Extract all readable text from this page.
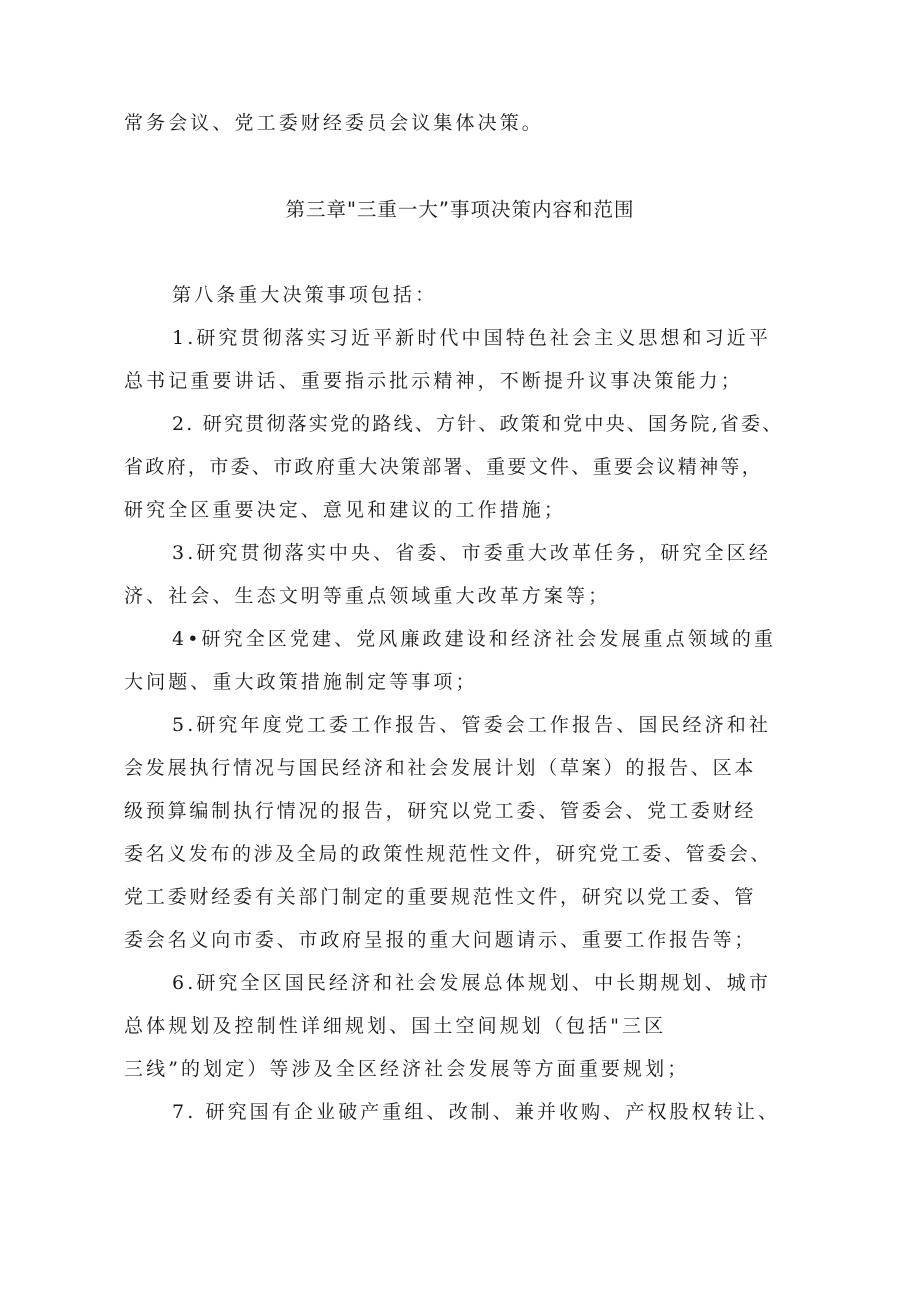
常务会议、党工委财经委员会议集体决策。
第三章"三重一大”事项决策内容和范围
第八条重大决策事项包括：
1.研究贯彻落实习近平新时代中国特色社会主义思想和习近平
总书记重要讲话、重要指示批示精神，不断提升议事决策能力；
2. 研究贯彻落实党的路线、方针、政策和党中央、国务院,省委、
省政府，市委、市政府重大决策部署、重要文件、重要会议精神等，
研究全区重要决定、意见和建议的工作措施；
3.研究贯彻落实中央、省委、市委重大改革任务，研究全区经
济、社会、生态文明等重点领域重大改革方案等；
4•研究全区党建、党风廉政建设和经济社会发展重点领域的重
大问题、重大政策措施制定等事项；
5.研究年度党工委工作报告、管委会工作报告、国民经济和社
会发展执行情况与国民经济和社会发展计划（草案）的报告、区本
级预算编制执行情况的报告，研究以党工委、管委会、党工委财经
委名义发布的涉及全局的政策性规范性文件，研究党工委、管委会、
党工委财经委有关部门制定的重要规范性文件，研究以党工委、管
委会名义向市委、市政府呈报的重大问题请示、重要工作报告等；
6.研究全区国民经济和社会发展总体规划、中长期规划、城市
总体规划及控制性详细规划、国土空间规划（包括"三区
三线”的划定）等涉及全区经济社会发展等方面重要规划；
7. 研究国有企业破产重组、改制、兼并收购、产权股权转让、
